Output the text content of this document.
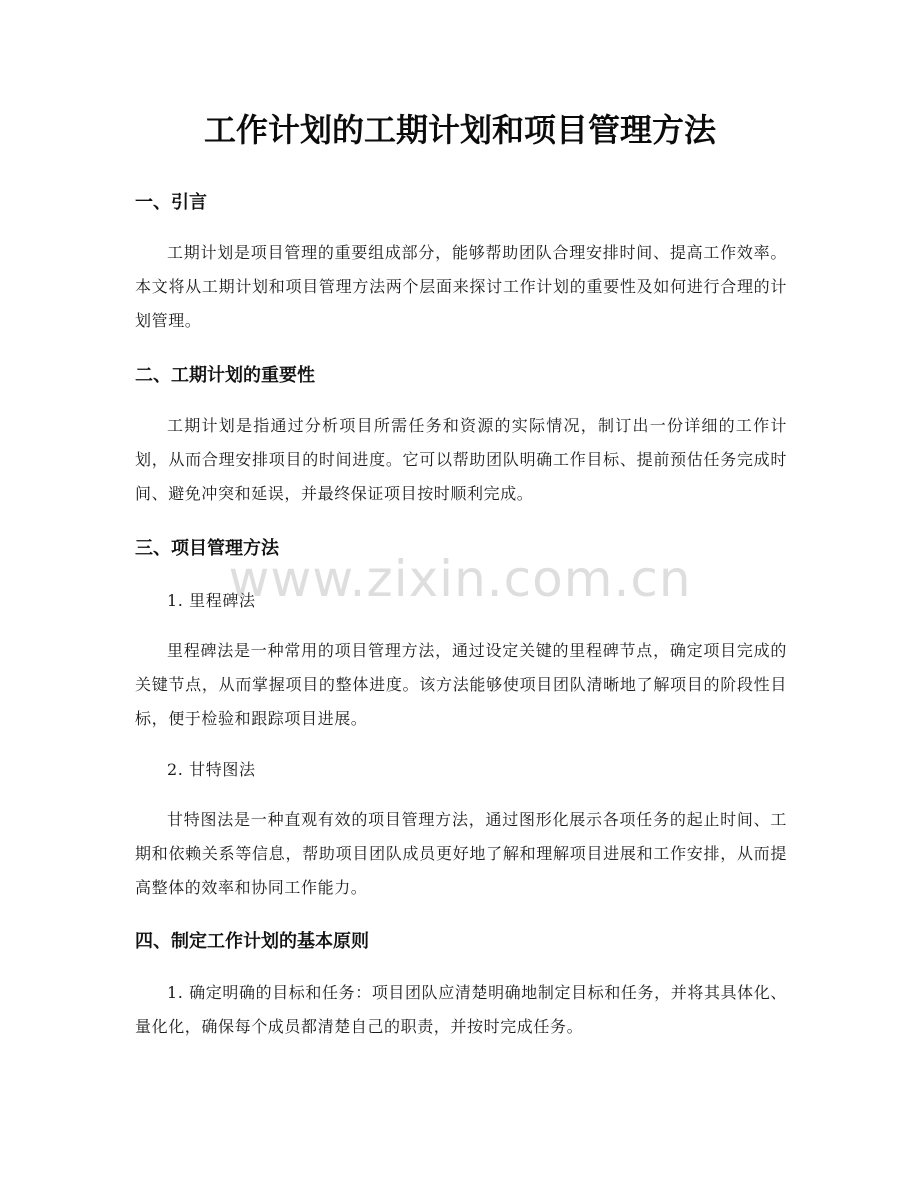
工作计划的工期计划和项目管理方法
一、引言

工期计划是项目管理的重要组成部分，能够帮助团队合理安排时间、提高工作效率。本文将从工期计划和项目管理方法两个层面来探讨工作计划的重要性及如何进行合理的计划管理。

二、工期计划的重要性

工期计划是指通过分析项目所需任务和资源的实际情况，制订出一份详细的工作计划，从而合理安排项目的时间进度。它可以帮助团队明确工作目标、提前预估任务完成时间、避免冲突和延误，并最终保证项目按时顺利完成。

三、项目管理方法

1. 里程碑法

里程碑法是一种常用的项目管理方法，通过设定关键的里程碑节点，确定项目完成的关键节点，从而掌握项目的整体进度。该方法能够使项目团队清晰地了解项目的阶段性目标，便于检验和跟踪项目进展。

2. 甘特图法

甘特图法是一种直观有效的项目管理方法，通过图形化展示各项任务的起止时间、工期和依赖关系等信息，帮助项目团队成员更好地了解和理解项目进展和工作安排，从而提高整体的效率和协同工作能力。

四、制定工作计划的基本原则

1. 确定明确的目标和任务：项目团队应清楚明确地制定目标和任务，并将其具体化、量化化，确保每个成员都清楚自己的职责，并按时完成任务。

www.zixin.com.cn
